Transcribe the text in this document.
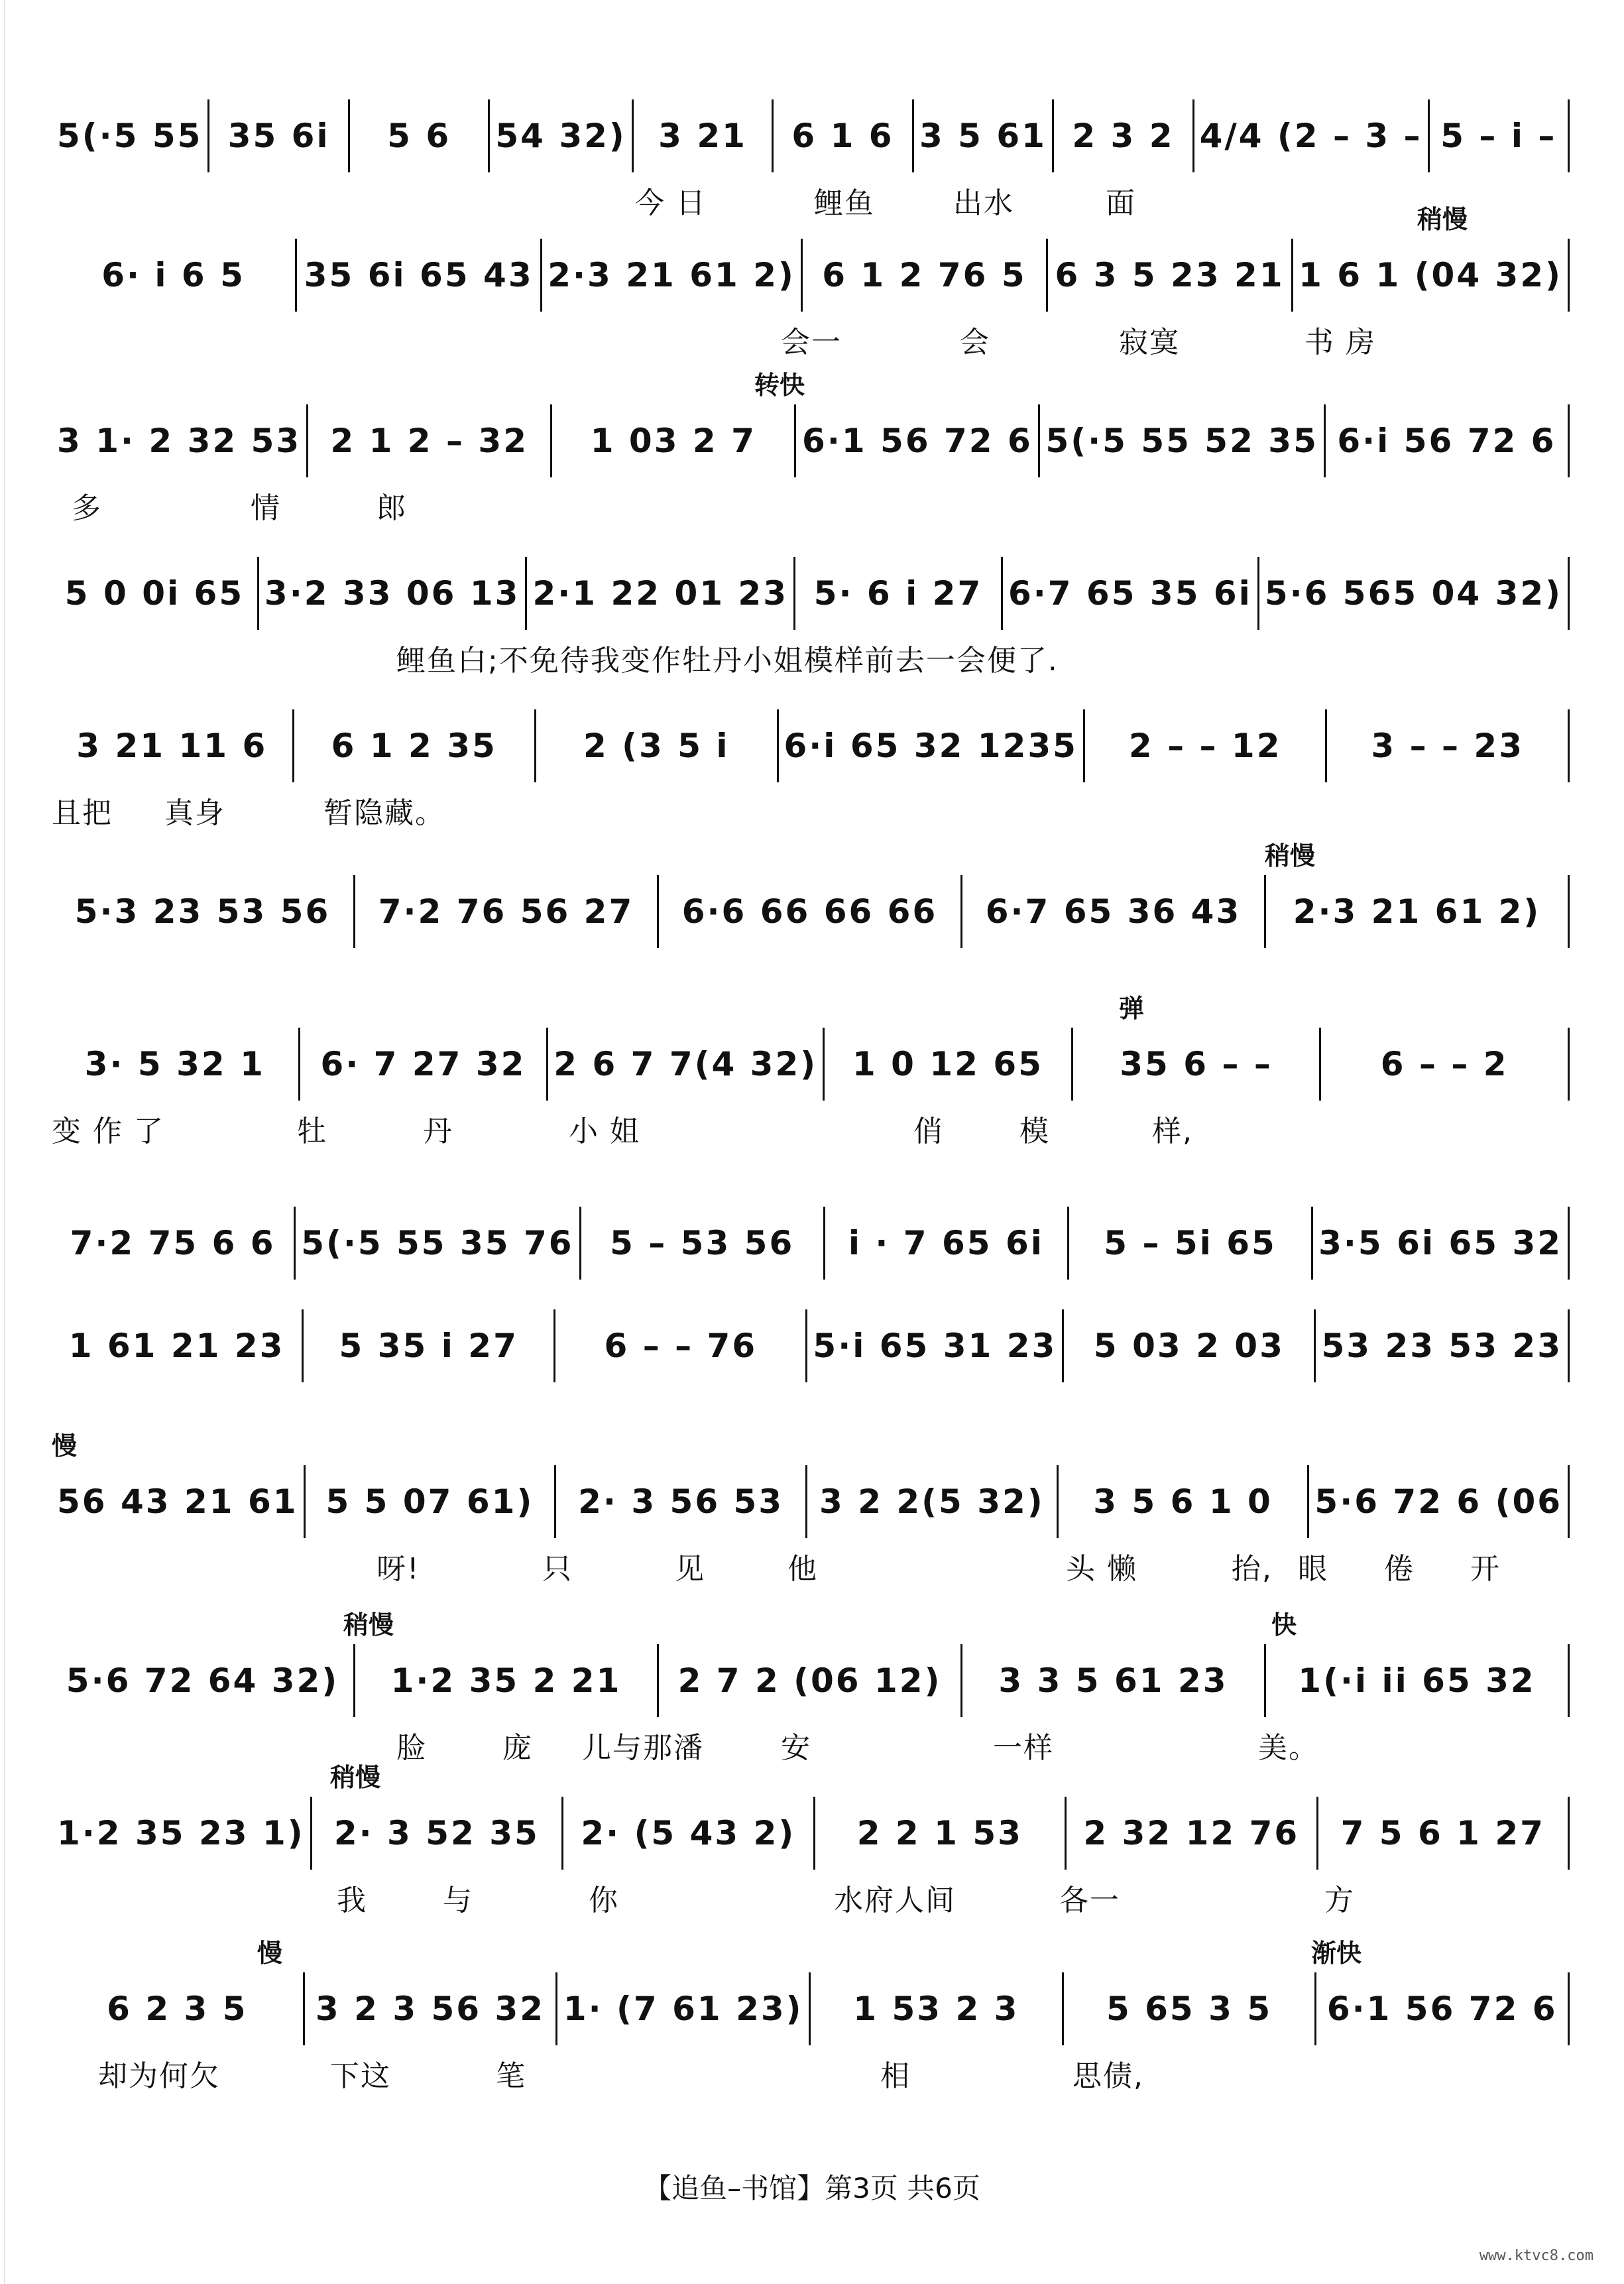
5(·5 55 35 6i	5 6	54 32) 3 21	6 1 6 3 5 61 2 3 2 4/4 (2 – 3 – 5 – i –
今 日	鲤鱼	出水	面
6· i 6 5	35 6i 65 43 2·3 21 61 2) 6 1 2 76 5 6 3 5 23 21 1 6 1 (04 32)
会一	会	寂寞	书 房
稍慢
3 1· 2 32 53 2 1 2 – 32	1 03 2 7	6·1 56 72 6 5(·5 55 52 35 6·i 56 72 6
多	情	郎
转快
5 0 0i 65 3·2 33 06 13 2·1 22 01 23 5· 6 i 27 6·7 65 35 6i 5·6 565 04 32)
鲤鱼白;不免待我变作牡丹小姐模样前去一会便了.
3 21 11 6	6 1 2 35	2 (3 5 i	6·i 65 32 1235	2 – – 12	3 – – 23
且把 真身	暂隐藏。
5·3 23 53 56	7·2 76 56 27	6·6 66 66 66	6·7 65 36 43	2·3 21 61 2)
稍慢
3· 5 32 1	6· 7 27 32 2 6 7 7(4 32)	1 0 12 65	35 6 – –	6 – – 2
变 作 了	牡	丹	小 姐	俏	模	样,
弹
7·2 75 6 6 5(·5 55 35 76	5 – 53 56	i · 7 65 6i	5 – 5i 65	3·5 6i 65 32
1 61 21 23	5 35 i 27	6 – – 76	5·i 65 31 23	5 03 2 03	53 23 53 23
56 43 21 61 5 5 07 61)	2· 3 56 53	3 2 2(5 32)	3 5 6 1 0	5·6 72 6 (06
呀!	只	见	他	头 懒	抬, 眼 倦 开
慢
5·6 72 64 32)	1·2 35 2 21	2 7 2 (06 12)	3 3 5 61 23	1(·i ii 65 32
脸	庞 儿与那潘	安	一样	美。
稍慢	快
1·2 35 23 1) 2· 3 52 35	2· (5 43 2)	2 2 1 53	2 32 12 76	7 5 6 1 27
我	与	你	水府人间	各一	方
稍慢
6 2 3 5	3 2 3 56 32 1· (7 61 23)	1 53 2 3	5 65 3 5	6·1 56 72 6
却为何欠	下这	笔	相	思债,
慢	渐快
【追鱼–书馆】第3页 共6页
www.ktvc8.com
